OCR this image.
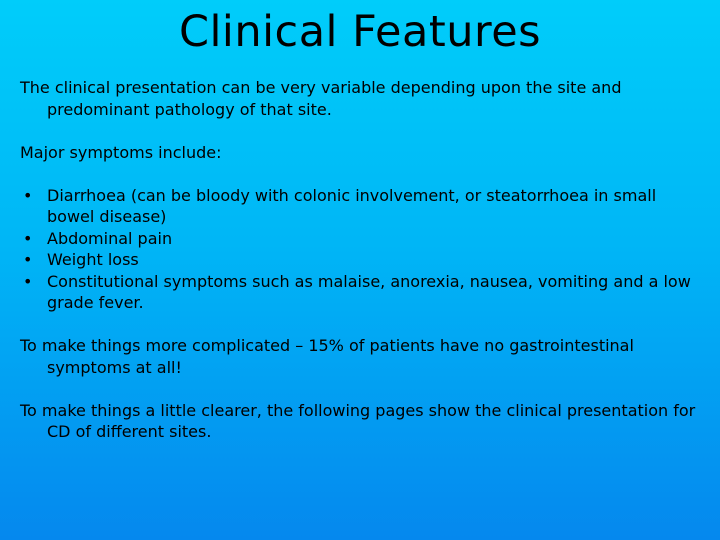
Clinical Features

The clinical presentation can be very variable depending upon the site and predominant pathology of that site.

Major symptoms include:

• Diarrhoea (can be bloody with colonic involvement, or steatorrhoea in small bowel disease)
• Abdominal pain
• Weight loss
• Constitutional symptoms such as malaise, anorexia, nausea, vomiting and a low grade fever.

To make things more complicated – 15% of patients have no gastrointestinal symptoms at all!

To make things a little clearer, the following pages show the clinical presentation for CD of different sites.
